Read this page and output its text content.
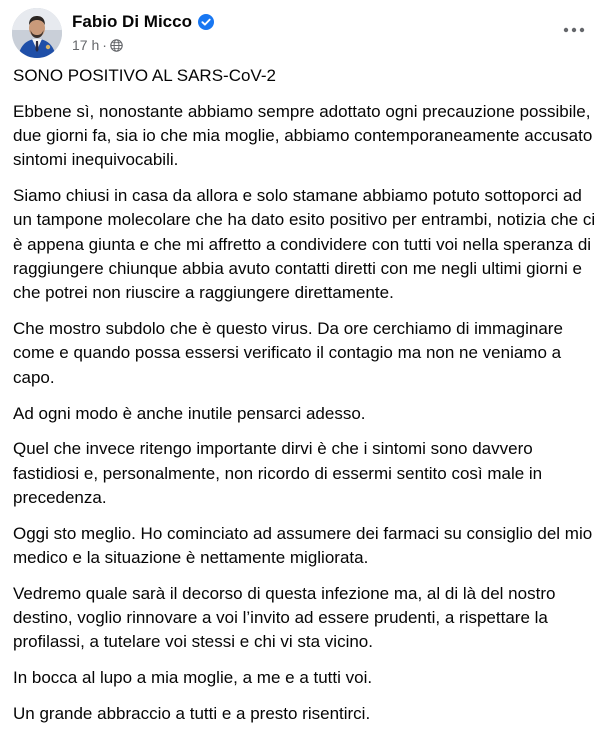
Fabio Di Micco
17 h ·

SONO POSITIVO AL SARS-CoV-2

Ebbene sì, nonostante abbiamo sempre adottato ogni precauzione possibile, due giorni fa, sia io che mia moglie, abbiamo contemporaneamente accusato sintomi inequivocabili.

Siamo chiusi in casa da allora e solo stamane abbiamo potuto sottoporci ad un tampone molecolare che ha dato esito positivo per entrambi, notizia che ci è appena giunta e che mi affretto a condividere con tutti voi nella speranza di raggiungere chiunque abbia avuto contatti diretti con me negli ultimi giorni e che potrei non riuscire a raggiungere direttamente.

Che mostro subdolo che è questo virus. Da ore cerchiamo di immaginare come e quando possa essersi verificato il contagio ma non ne veniamo a capo.

Ad ogni modo è anche inutile pensarci adesso.

Quel che invece ritengo importante dirvi è che i sintomi sono davvero fastidiosi e, personalmente, non ricordo di essermi sentito così male in precedenza.

Oggi sto meglio. Ho cominciato ad assumere dei farmaci su consiglio del mio medico e la situazione è nettamente migliorata.

Vedremo quale sarà il decorso di questa infezione ma, al di là del nostro destino, voglio rinnovare a voi l’invito ad essere prudenti, a rispettare la profilassi, a tutelare voi stessi e chi vi sta vicino.

In bocca al lupo a mia moglie, a me e a tutti voi.

Un grande abbraccio a tutti e a presto risentirci.
